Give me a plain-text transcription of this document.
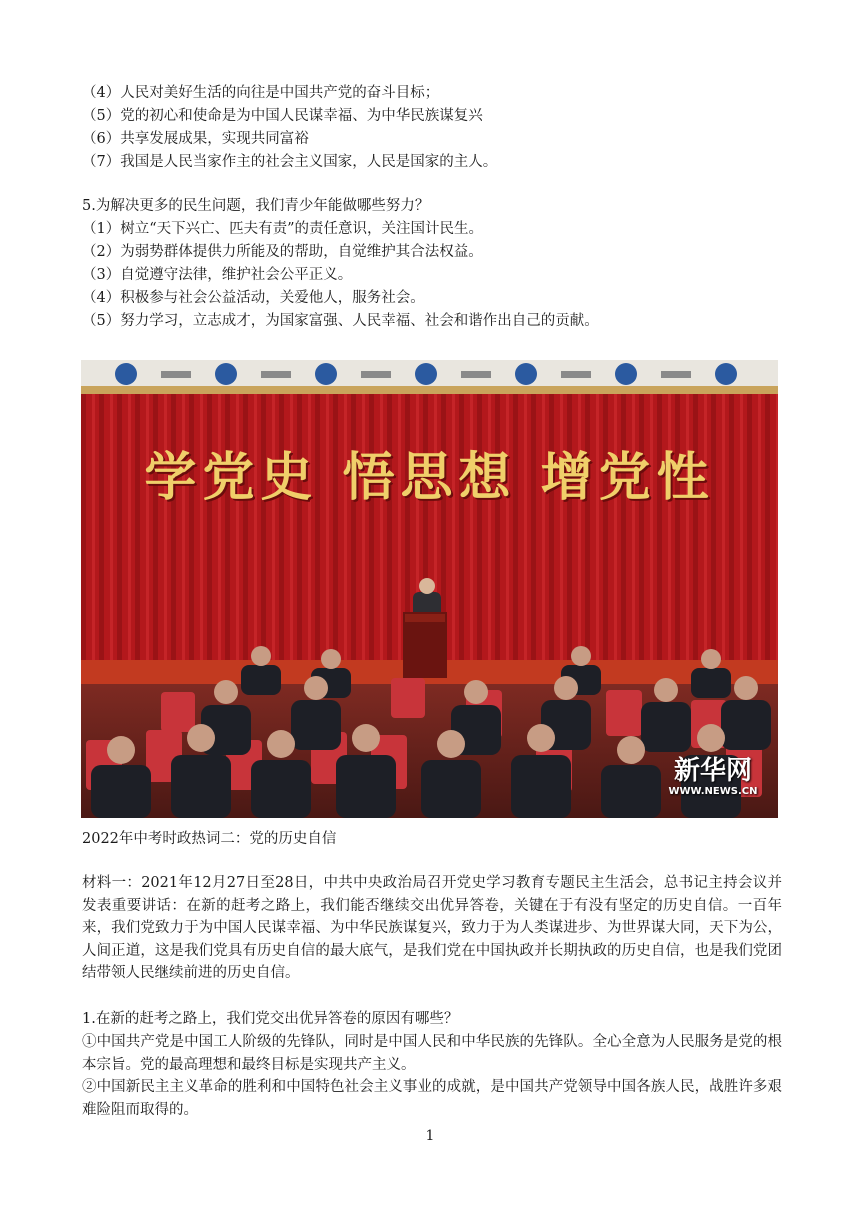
（4）人民对美好生活的向往是中国共产党的奋斗目标；
（5）党的初心和使命是为中国人民谋幸福、为中华民族谋复兴
（6）共享发展成果，实现共同富裕
（7）我国是人民当家作主的社会主义国家，人民是国家的主人。
5.为解决更多的民生问题，我们青少年能做哪些努力？
（1）树立“天下兴亡、匹夫有责”的责任意识，关注国计民生。
（2）为弱势群体提供力所能及的帮助，自觉维护其合法权益。
（3）自觉遵守法律，维护社会公平正义。
（4）积极参与社会公益活动，关爱他人，服务社会。
（5）努力学习，立志成才，为国家富强、人民幸福、社会和谐作出自己的贡献。
学党史 悟思想 增党性
新华网
WWW.NEWS.CN
2022年中考时政热词二：党的历史自信
材料一：2021年12月27日至28日，中共中央政治局召开党史学习教育专题民主生活会，总书记主持会议并发表重要讲话：在新的赶考之路上，我们能否继续交出优异答卷，关键在于有没有坚定的历史自信。一百年来，我们党致力于为中国人民谋幸福、为中华民族谋复兴，致力于为人类谋进步、为世界谋大同，天下为公，人间正道，这是我们党具有历史自信的最大底气，是我们党在中国执政并长期执政的历史自信，也是我们党团结带领人民继续前进的历史自信。
1.在新的赶考之路上，我们党交出优异答卷的原因有哪些？
①中国共产党是中国工人阶级的先锋队，同时是中国人民和中华民族的先锋队。全心全意为人民服务是党的根本宗旨。党的最高理想和最终目标是实现共产主义。
②中国新民主主义革命的胜利和中国特色社会主义事业的成就，是中国共产党领导中国各族人民，战胜许多艰难险阻而取得的。
1
